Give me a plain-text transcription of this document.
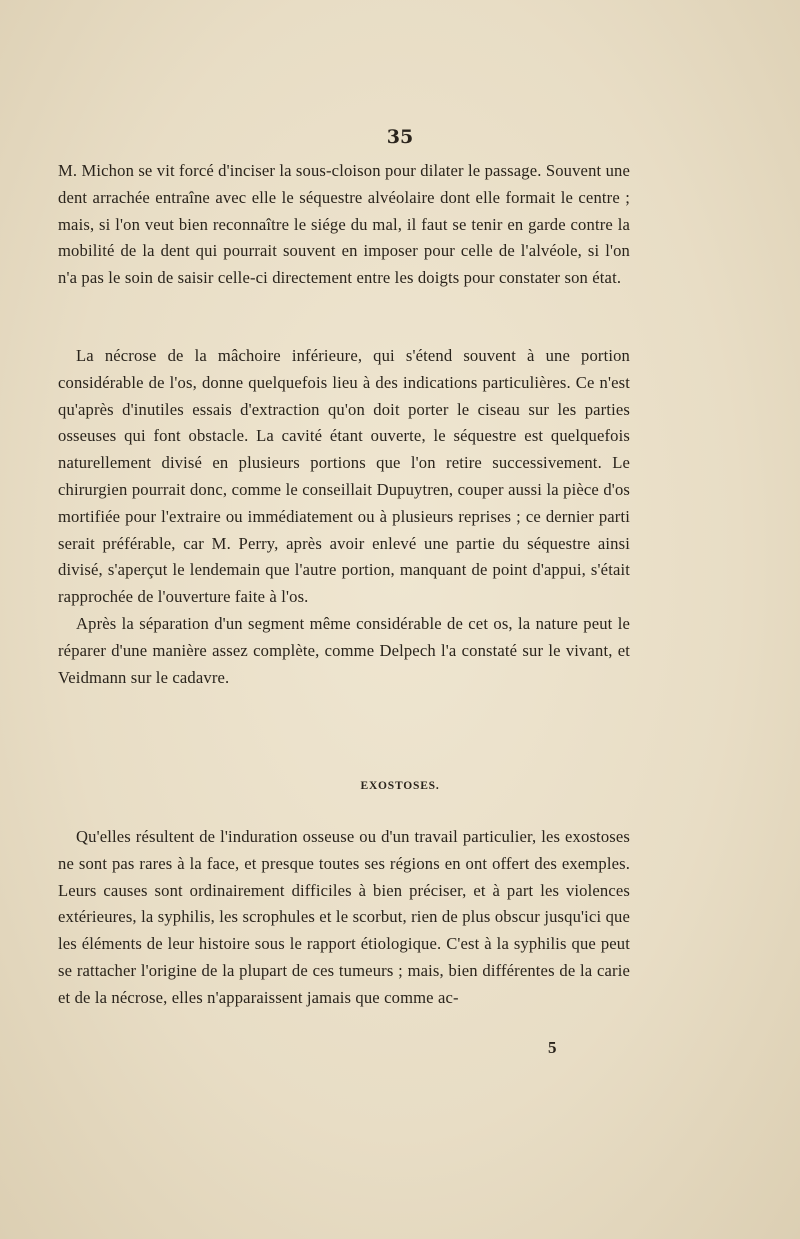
35

M. Michon se vit forcé d'inciser la sous-cloison pour dilater le passage. Souvent une dent arrachée entraîne avec elle le séquestre alvéolaire dont elle formait le centre ; mais, si l'on veut bien reconnaître le siége du mal, il faut se tenir en garde contre la mobilité de la dent qui pourrait souvent en imposer pour celle de l'alvéole, si l'on n'a pas le soin de saisir celle-ci directement entre les doigts pour constater son état.

La nécrose de la mâchoire inférieure, qui s'étend souvent à une portion considérable de l'os, donne quelquefois lieu à des indications particulières. Ce n'est qu'après d'inutiles essais d'extraction qu'on doit porter le ciseau sur les parties osseuses qui font obstacle. La cavité étant ouverte, le séquestre est quelquefois naturellement divisé en plusieurs portions que l'on retire successivement. Le chirurgien pourrait donc, comme le conseillait Dupuytren, couper aussi la pièce d'os mortifiée pour l'extraire ou immédiatement ou à plusieurs reprises ; ce dernier parti serait préférable, car M. Perry, après avoir enlevé une partie du séquestre ainsi divisé, s'aperçut le lendemain que l'autre portion, manquant de point d'appui, s'était rapprochée de l'ouverture faite à l'os.

Après la séparation d'un segment même considérable de cet os, la nature peut le réparer d'une manière assez complète, comme Delpech l'a constaté sur le vivant, et Veidmann sur le cadavre.

EXOSTOSES.

Qu'elles résultent de l'induration osseuse ou d'un travail particulier, les exostoses ne sont pas rares à la face, et presque toutes ses régions en ont offert des exemples. Leurs causes sont ordinairement difficiles à bien préciser, et à part les violences extérieures, la syphilis, les scrophules et le scorbut, rien de plus obscur jusqu'ici que les éléments de leur histoire sous le rapport étiologique. C'est à la syphilis que peut se rattacher l'origine de la plupart de ces tumeurs ; mais, bien différentes de la carie et de la nécrose, elles n'apparaissent jamais que comme ac-

5
